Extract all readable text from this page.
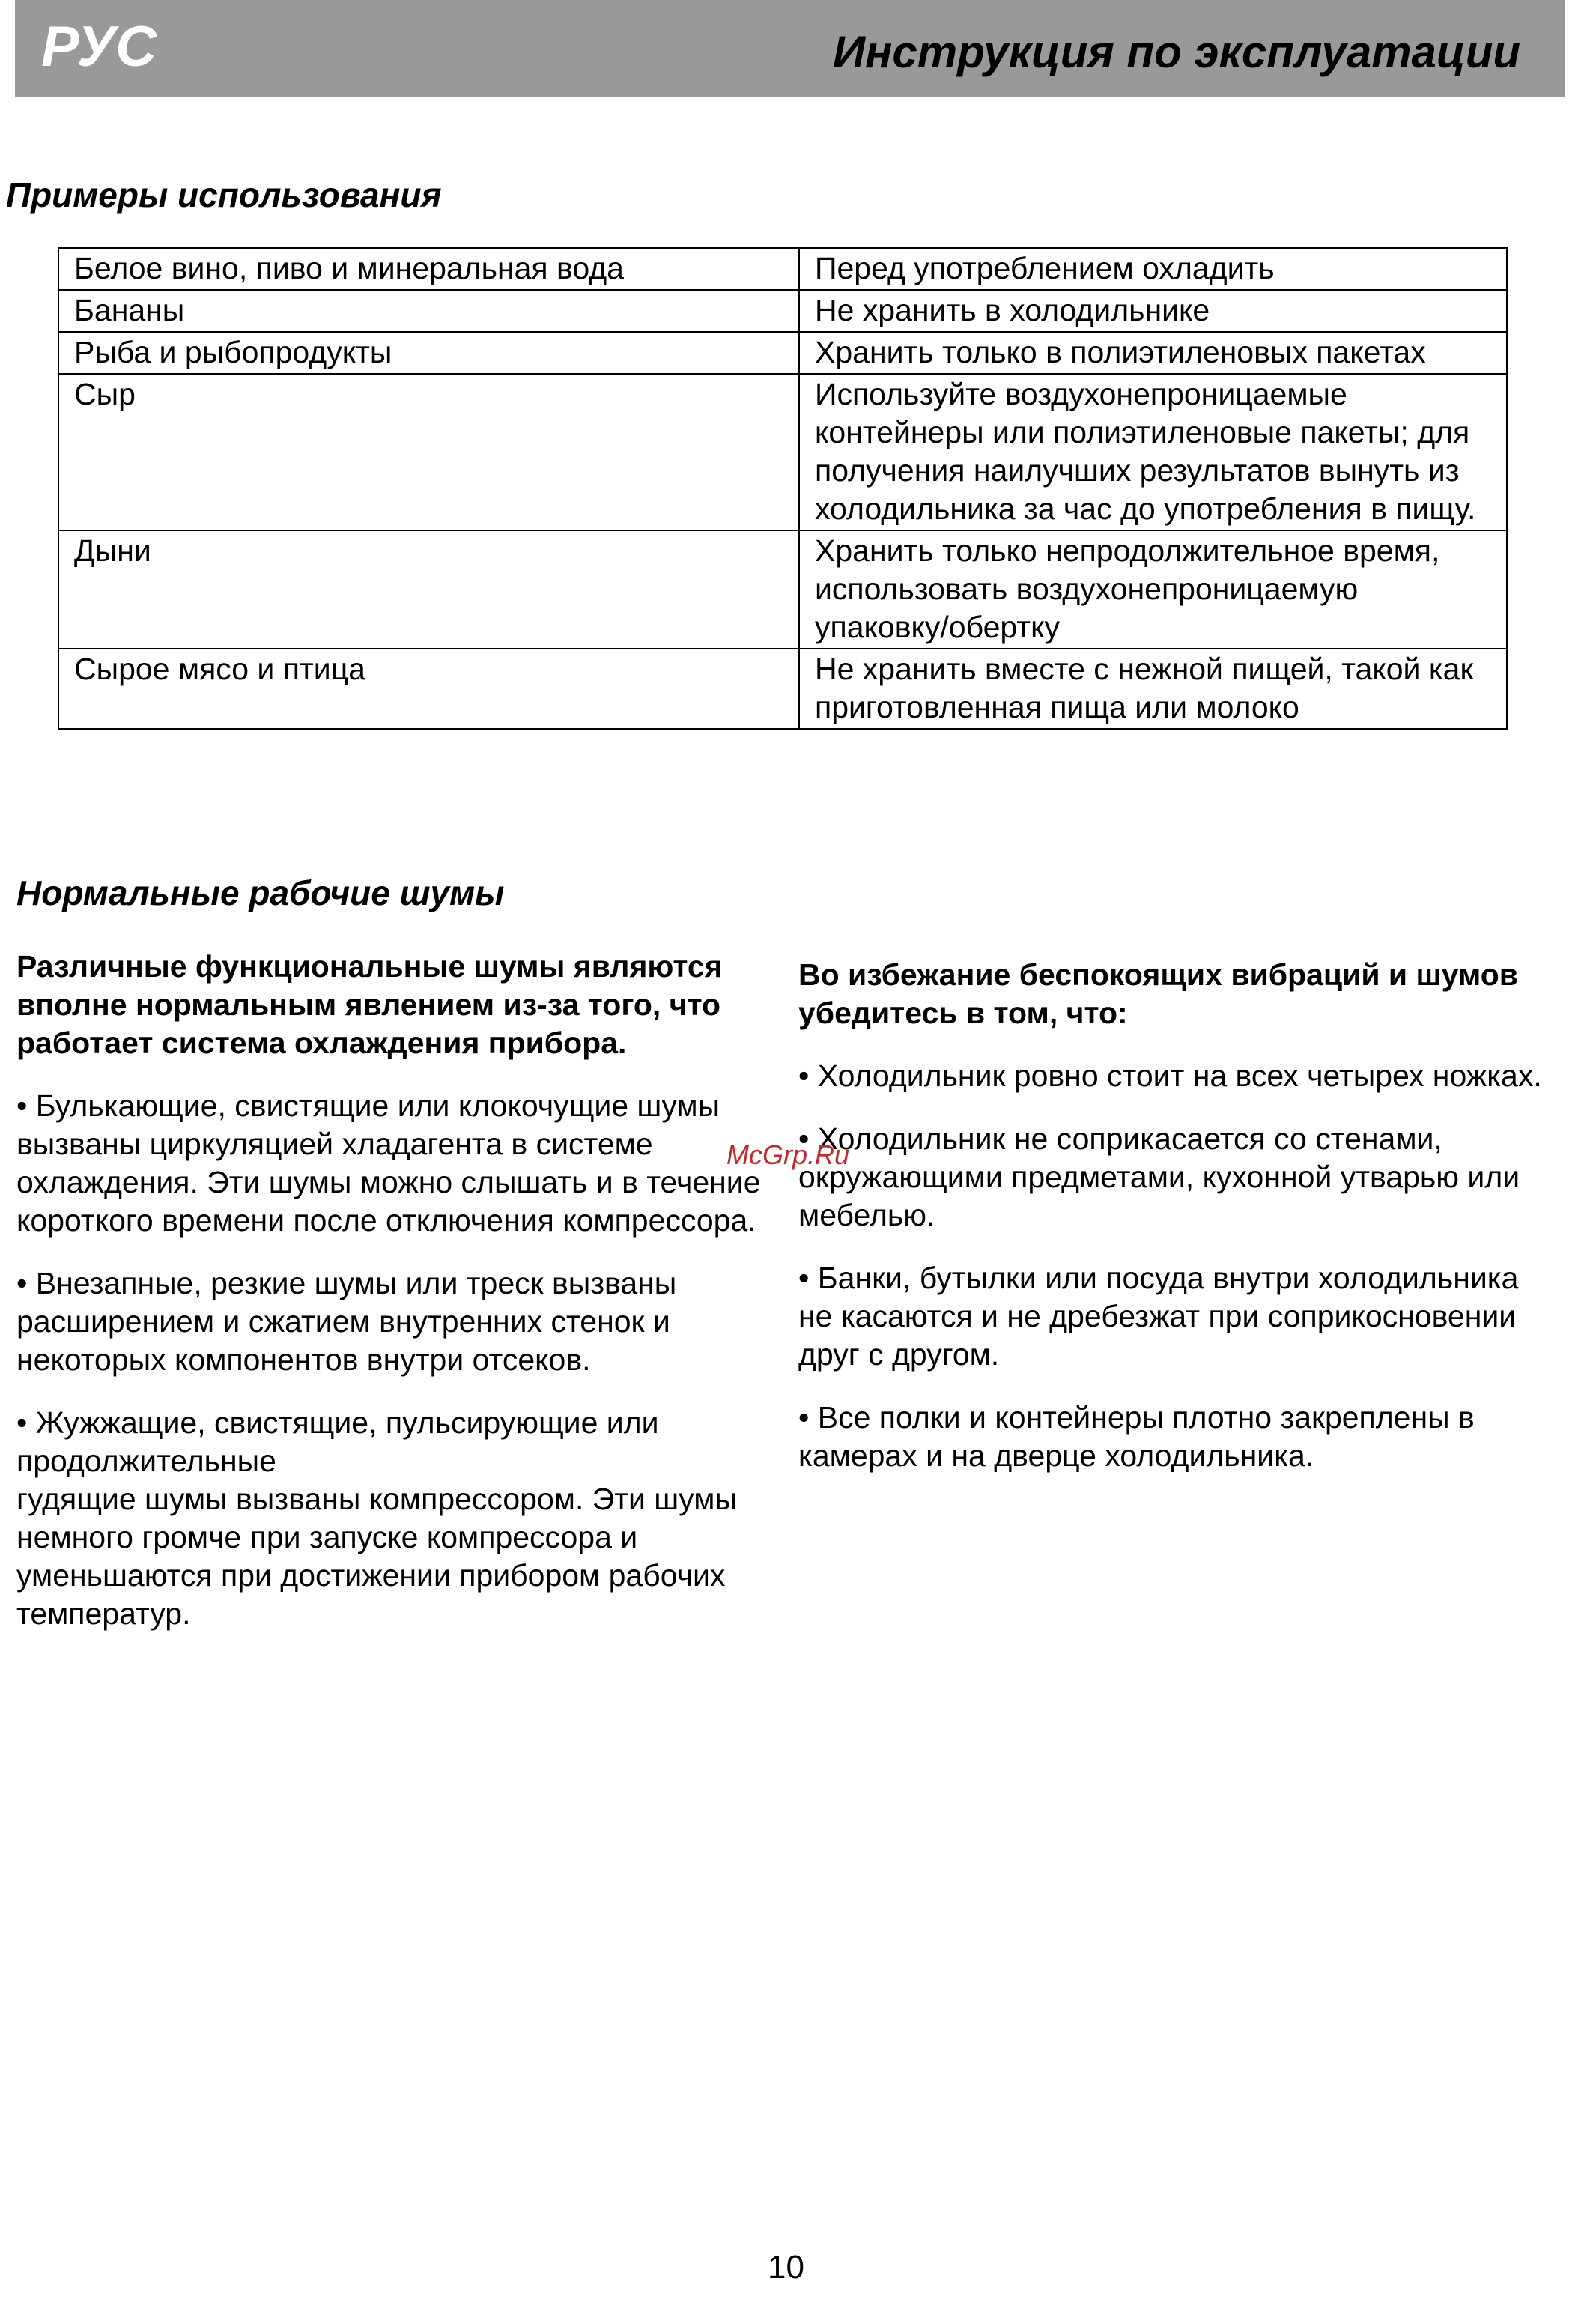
РУС	Инструкция по эксплуатации
Примеры использования
Белое вино, пиво и минеральная вода	Перед употреблением охладить
Бананы	Не хранить в холодильнике
Рыба и рыбопродукты	Хранить только в полиэтиленовых пакетах
Сыр	Используйте воздухонепроницаемые контейнеры или полиэтиленовые пакеты; для получения наилучших результатов вынуть из холодильника за час до употребления в пищу.
Дыни	Хранить только непродолжительное время, использовать воздухонепроницаемую упаковку/обертку
Сырое мясо и птица	Не хранить вместе с нежной пищей, такой как приготовленная пища или молоко
Нормальные рабочие шумы

Различные функциональные шумы являются вполне нормальным явлением из-за того, что работает система охлаждения прибора.

• Булькающие, свистящие или клокочущие шумы вызваны циркуляцией хладагента в системе охлаждения. Эти шумы можно слышать и в течение короткого времени после отключения компрессора.

• Внезапные, резкие шумы или треск вызваны расширением и сжатием внутренних стенок и некоторых компонентов внутри отсеков.

• Жужжащие, свистящие, пульсирующие или продолжительные

гудящие шумы вызваны компрессором. Эти шумы немного громче при запуске компрессора и уменьшаются при достижении прибором рабочих температур.

Во избежание беспокоящих вибраций и шумов убедитесь в том, что:

• Холодильник ровно стоит на всех четырех ножках.

• Холодильник не соприкасается со стенами, окружающими предметами, кухонной утварью или мебелью.

• Банки, бутылки или посуда внутри холодильника не касаются и не дребезжат при соприкосновении друг с другом.

• Все полки и контейнеры плотно закреплены в камерах и на дверце холодильника.

McGrp.Ru
10
